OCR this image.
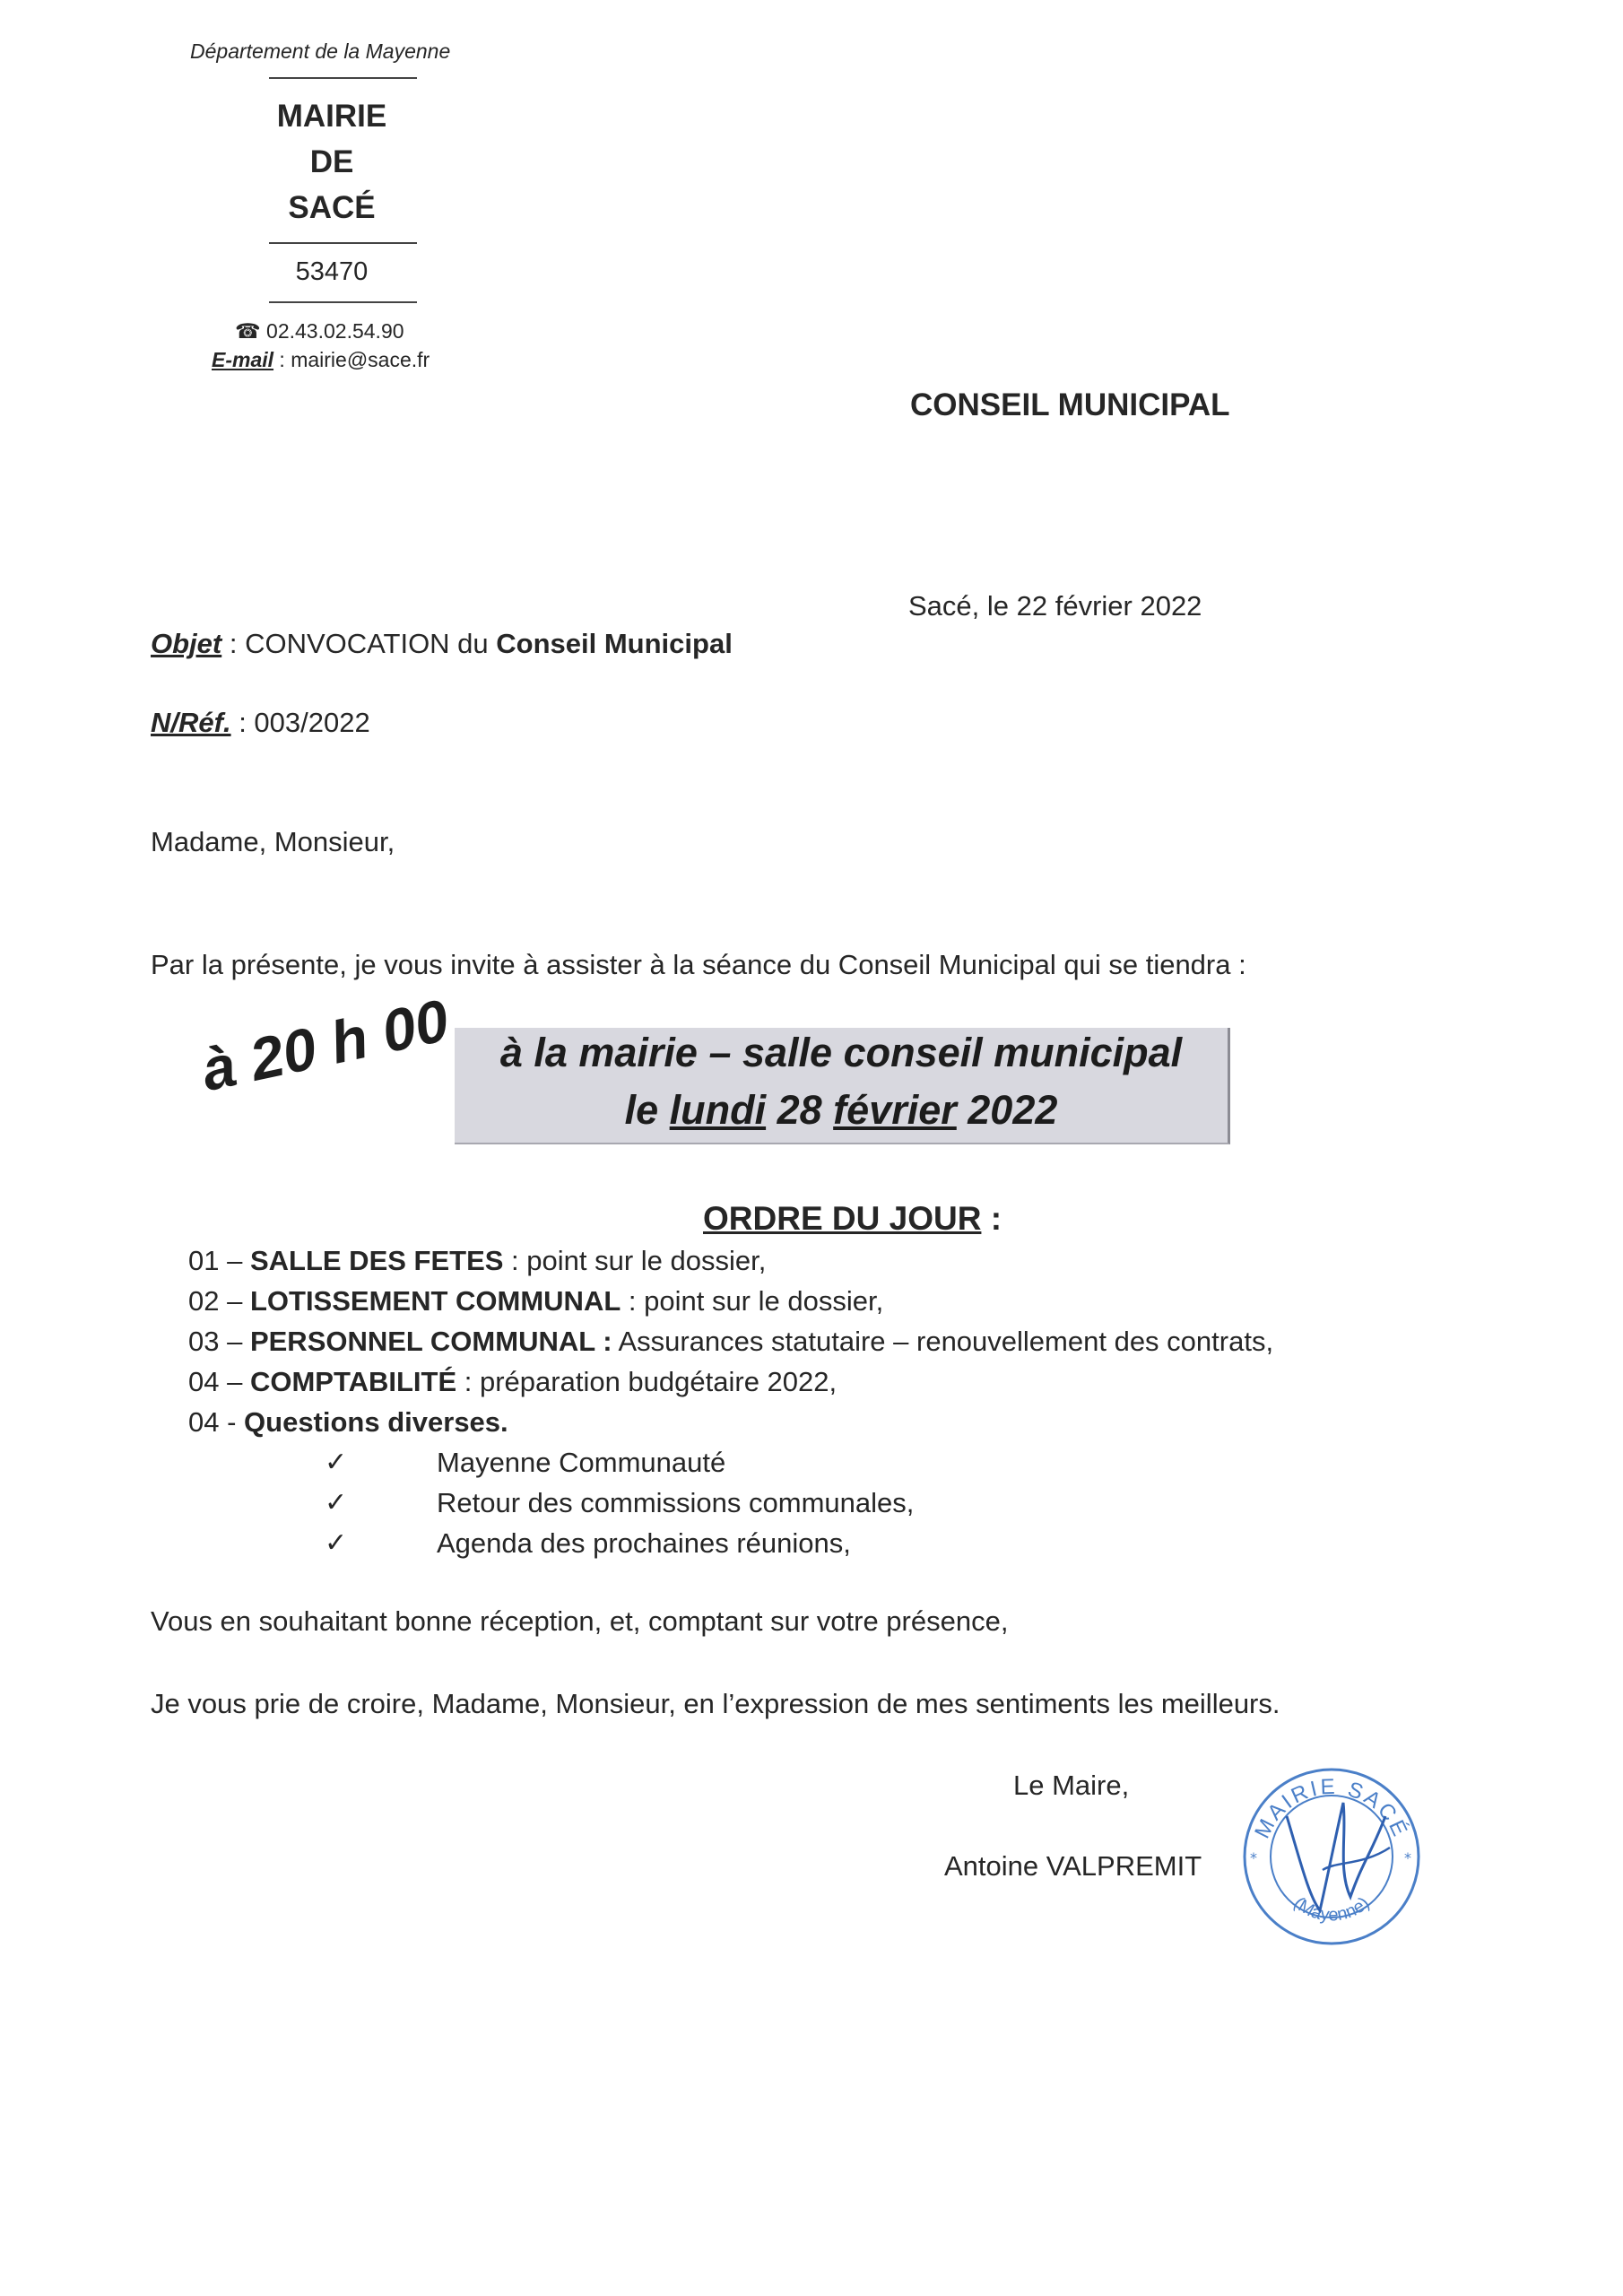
Département de la Mayenne
MAIRIE
DE
SACÉ
53470
☎ 02.43.02.54.90
E-mail : mairie@sace.fr
CONSEIL MUNICIPAL
Sacé, le 22 février 2022
Objet : CONVOCATION du Conseil Municipal
N/Réf. : 003/2022
Madame, Monsieur,
Par la présente, je vous invite à assister à la séance du Conseil Municipal qui se tiendra :
à 20 h 00	à la mairie – salle conseil municipal
le lundi 28 février 2022
ORDRE DU JOUR :
01 – SALLE DES FETES : point sur le dossier,
02 – LOTISSEMENT COMMUNAL : point sur le dossier,
03 – PERSONNEL COMMUNAL : Assurances statutaire – renouvellement des contrats,
04 – COMPTABILITÉ : préparation budgétaire 2022,
04 - Questions diverses.
✓	Mayenne Communauté
✓	Retour des commissions communales,
✓	Agenda des prochaines réunions,
Vous en souhaitant bonne réception, et, comptant sur votre présence,
Je vous prie de croire, Madame, Monsieur, en l’expression de mes sentiments les meilleurs.
Le Maire,
Antoine VALPREMIT
MAIRIE SACÉ
(Mayenne)
*	*
